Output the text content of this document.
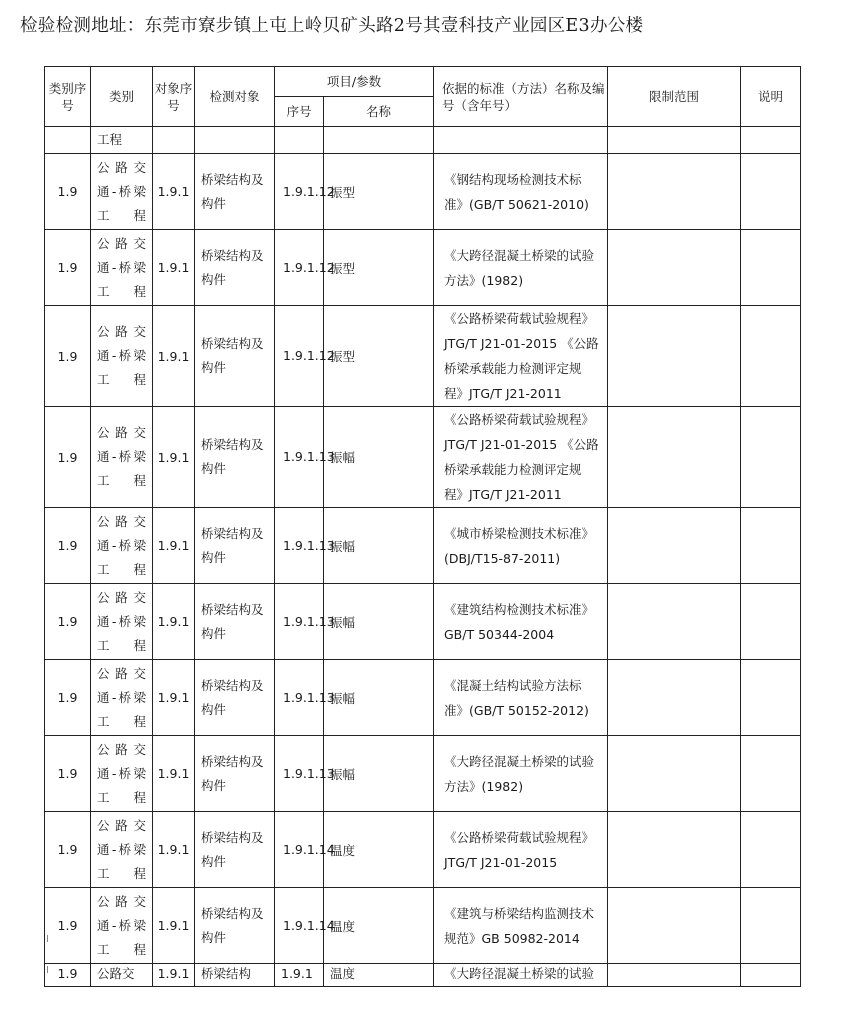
检验检测地址：东莞市寮步镇上屯上岭贝矿头路2号其壹科技产业园区E3办公楼
类别序号	类别	对象序号	检测对象	项目/参数		依据的标准（方法）名称及编号（含年号）	限制范围	说明
				序号	名称			
	工程							
1.9	公路交通-桥梁工程	1.9.1	桥梁结构及构件	1.9.1.12	振型	《钢结构现场检测技术标准》(GB/T 50621-2010)		
1.9	公路交通-桥梁工程	1.9.1	桥梁结构及构件	1.9.1.12	振型	《大跨径混凝土桥梁的试验方法》(1982)		
1.9	公路交通-桥梁工程	1.9.1	桥梁结构及构件	1.9.1.12	振型	《公路桥梁荷载试验规程》JTG/T J21-01-2015 《公路桥梁承载能力检测评定规程》JTG/T J21-2011		
1.9	公路交通-桥梁工程	1.9.1	桥梁结构及构件	1.9.1.13	振幅	《公路桥梁荷载试验规程》JTG/T J21-01-2015 《公路桥梁承载能力检测评定规程》JTG/T J21-2011		
1.9	公路交通-桥梁工程	1.9.1	桥梁结构及构件	1.9.1.13	振幅	《城市桥梁检测技术标准》(DBJ/T15-87-2011)		
1.9	公路交通-桥梁工程	1.9.1	桥梁结构及构件	1.9.1.13	振幅	《建筑结构检测技术标准》GB/T 50344-2004		
1.9	公路交通-桥梁工程	1.9.1	桥梁结构及构件	1.9.1.13	振幅	《混凝土结构试验方法标准》(GB/T 50152-2012)		
1.9	公路交通-桥梁工程	1.9.1	桥梁结构及构件	1.9.1.13	振幅	《大跨径混凝土桥梁的试验方法》(1982)		
1.9	公路交通-桥梁工程	1.9.1	桥梁结构及构件	1.9.1.14	温度	《公路桥梁荷载试验规程》JTG/T J21-01-2015		
1.9	公路交通-桥梁工程	1.9.1	桥梁结构及构件	1.9.1.14	温度	《建筑与桥梁结构监测技术规范》GB 50982-2014		
1.9	公路交	1.9.1	桥梁结构	1.9.1	温度	《大跨径混凝土桥梁的试验		
